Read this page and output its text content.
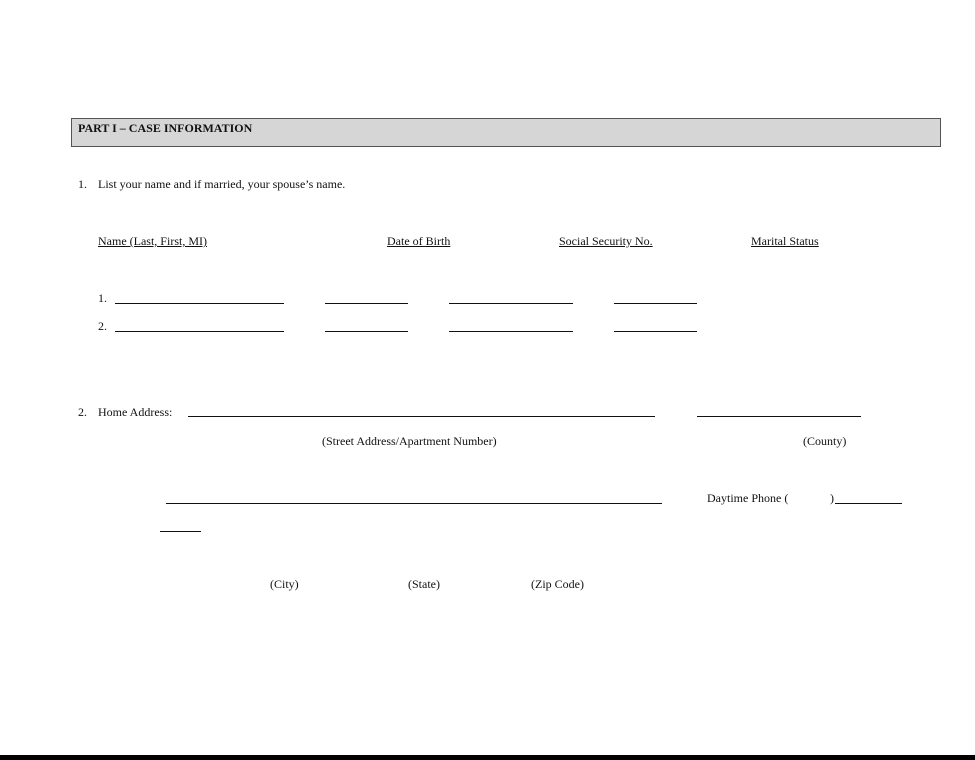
PART I – CASE INFORMATION
1. List your name and if married, your spouse’s name.
Name (Last, First, MI)	Date of Birth	Social Security No.	Marital Status
1.
2.
2. Home Address:
(Street Address/Apartment Number)	(County)
Daytime Phone (	)
(City)	(State)	(Zip Code)
